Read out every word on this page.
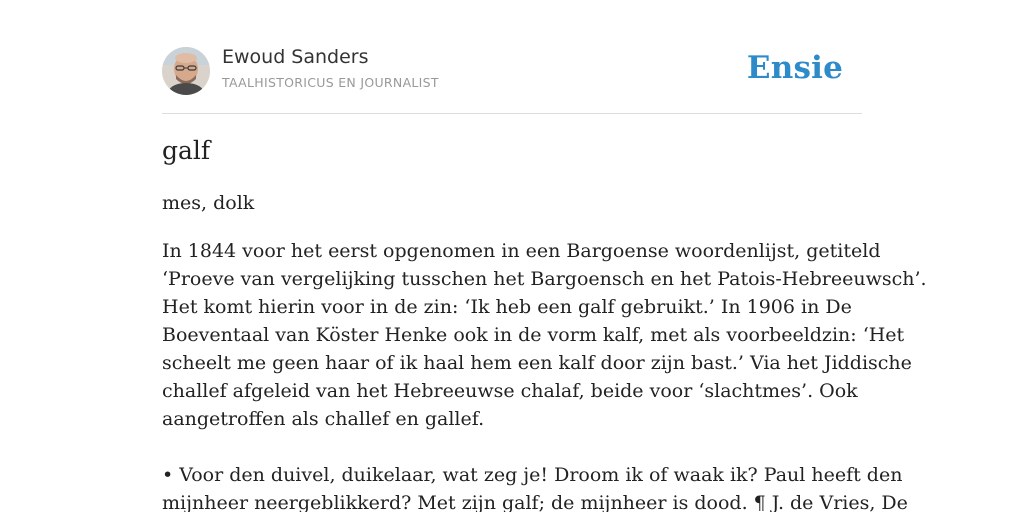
Ewoud Sanders
TAALHISTORICUS EN JOURNALIST	Ensie
galf
mes, dolk
In 1844 voor het eerst opgenomen in een Bargoense woordenlijst, getiteld
‘Proeve van vergelijking tusschen het Bargoensch en het Patois-Hebreeuwsch’.
Het komt hierin voor in de zin: ‘Ik heb een galf gebruikt.’ In 1906 in De
Boeventaal van Köster Henke ook in de vorm kalf, met als voorbeeldzin: ‘Het
scheelt me geen haar of ik haal hem een kalf door zijn bast.’ Via het Jiddische
challef afgeleid van het Hebreeuwse chalaf, beide voor ‘slachtmes’. Ook
aangetroffen als challef en gallef.
• Voor den duivel, duikelaar, wat zeg je! Droom ik of waak ik? Paul heeft den
mijnheer neergeblikkerd? Met zijn galf; de mijnheer is dood. ¶ J. de Vries, De
